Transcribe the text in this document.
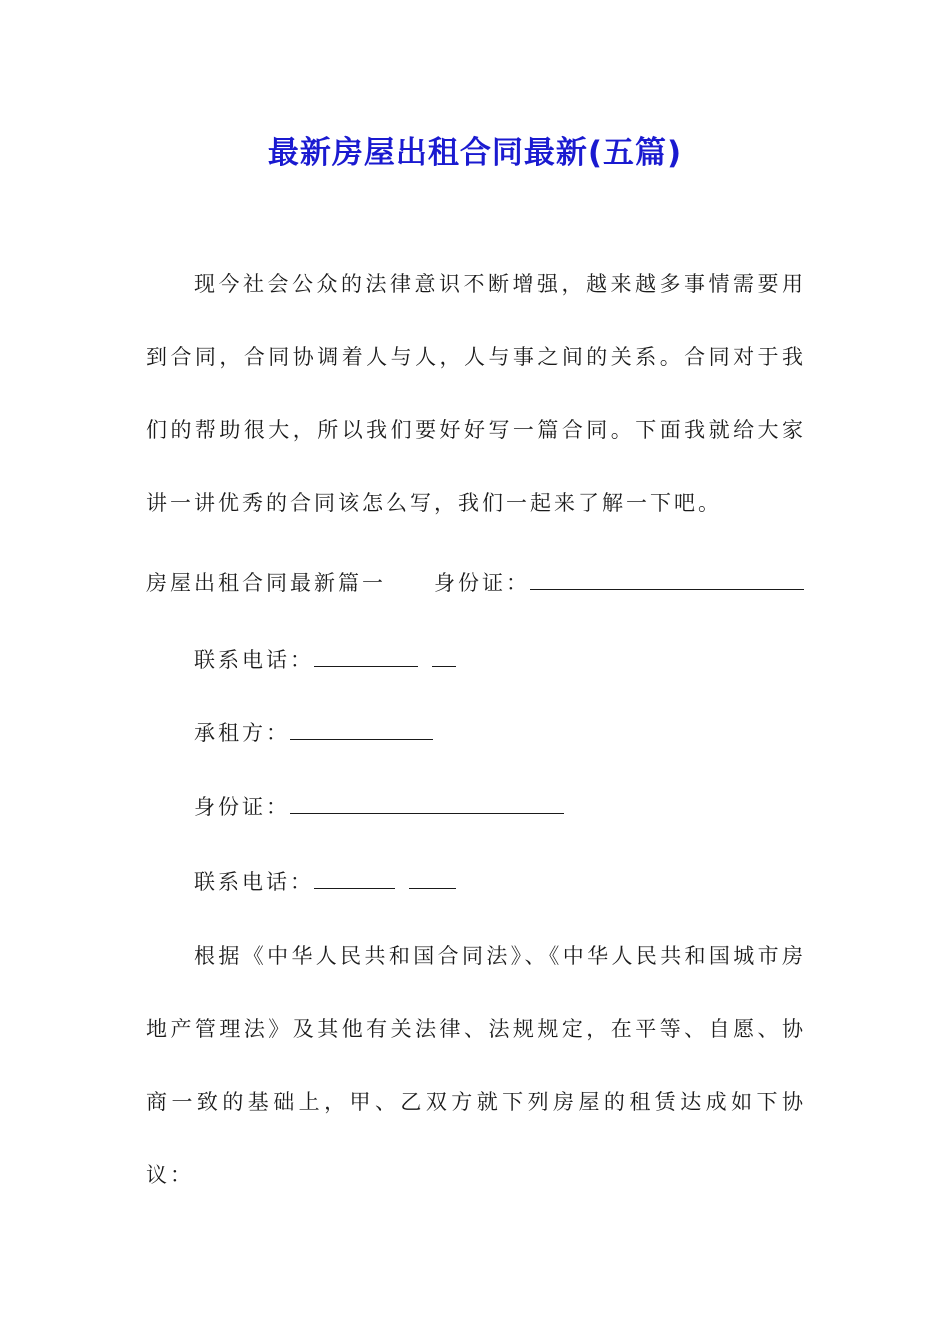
最新房屋出租合同最新(五篇)

现今社会公众的法律意识不断增强，越来越多事情需要用到合同，合同协调着人与人，人与事之间的关系。合同对于我们的帮助很大，所以我们要好好写一篇合同。下面我就给大家讲一讲优秀的合同该怎么写，我们一起来了解一下吧。

房屋出租合同最新篇一 身份证：
联系电话：
承租方：
身份证：
联系电话：

根据《中华人民共和国合同法》、《中华人民共和国城市房地产管理法》及其他有关法律、法规规定，在平等、自愿、协商一致的基础上，甲、乙双方就下列房屋的租赁达成如下协议：
